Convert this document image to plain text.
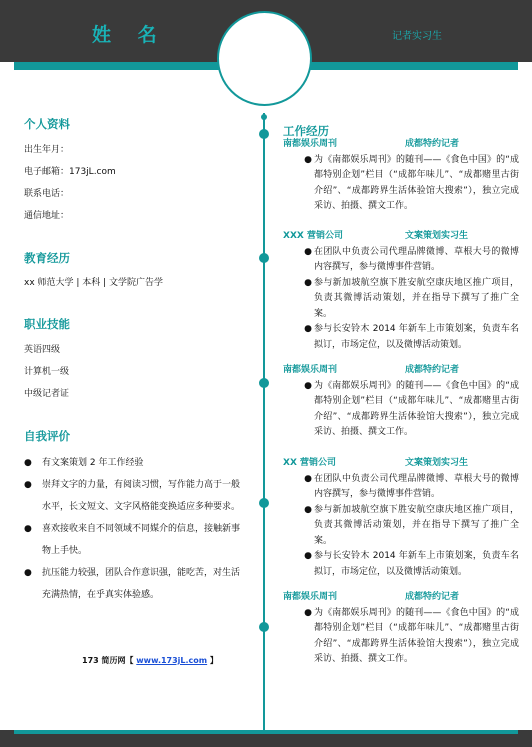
姓 名	记者实习生
个人资料
出生年月：
电子邮箱：173jL.com
联系电话：
通信地址：
教育经历
xx 师范大学 | 本科 | 文学院广告学
职业技能
英语四级
计算机一级
中级记者证
自我评价
●	有文案策划 2 年工作经验
●	崇拜文字的力量，有阅读习惯，写作能力高于一般水平，长文短文、文字风格能变换适应多种要求。
●	喜欢接收来自不同领域不同媒介的信息，接触新事物上手快。
●	抗压能力较强，团队合作意识强，能吃苦，对生活充满热情，在乎真实体验感。
173 简历网【 www.173jL.com 】
工作经历
南都娱乐周刊	成都特约记者
● 为《南都娱乐周刊》的随刊——《食色中国》的“成都特别企划”栏目（“成都年味儿”、“成都赌里古街介绍”、“成都跨界生活体验馆大搜索”），独立完成采访、拍摄、撰文工作。
XXX 营销公司	文案策划实习生
● 在团队中负责公司代理品牌微博、草根大号的微博内容撰写，参与微博事件营销。
● 参与新加坡航空旗下胜安航空康庆地区推广项目，负责其微博活动策划，并在指导下撰写了推广全案。
● 参与长安铃木 2014 年新车上市策划案，负责车名拟订，市场定位，以及微博活动策划。
南都娱乐周刊	成都特约记者
● 为《南都娱乐周刊》的随刊——《食色中国》的“成都特别企划”栏目（“成都年味儿”、“成都赌里古街介绍”、“成都跨界生活体验馆大搜索”），独立完成采访、拍摄、撰文工作。
XX 营销公司	文案策划实习生
● 在团队中负责公司代理品牌微博、草根大号的微博内容撰写，参与微博事件营销。
● 参与新加坡航空旗下胜安航空康庆地区推广项目，负责其微博活动策划，并在指导下撰写了推广全案。
● 参与长安铃木 2014 年新车上市策划案，负责车名拟订，市场定位，以及微博活动策划。
南都娱乐周刊	成都特约记者
● 为《南都娱乐周刊》的随刊——《食色中国》的“成都特别企划”栏目（“成都年味儿”、“成都赌里古街介绍”、“成都跨界生活体验馆大搜索”），独立完成采访、拍摄、撰文工作。
